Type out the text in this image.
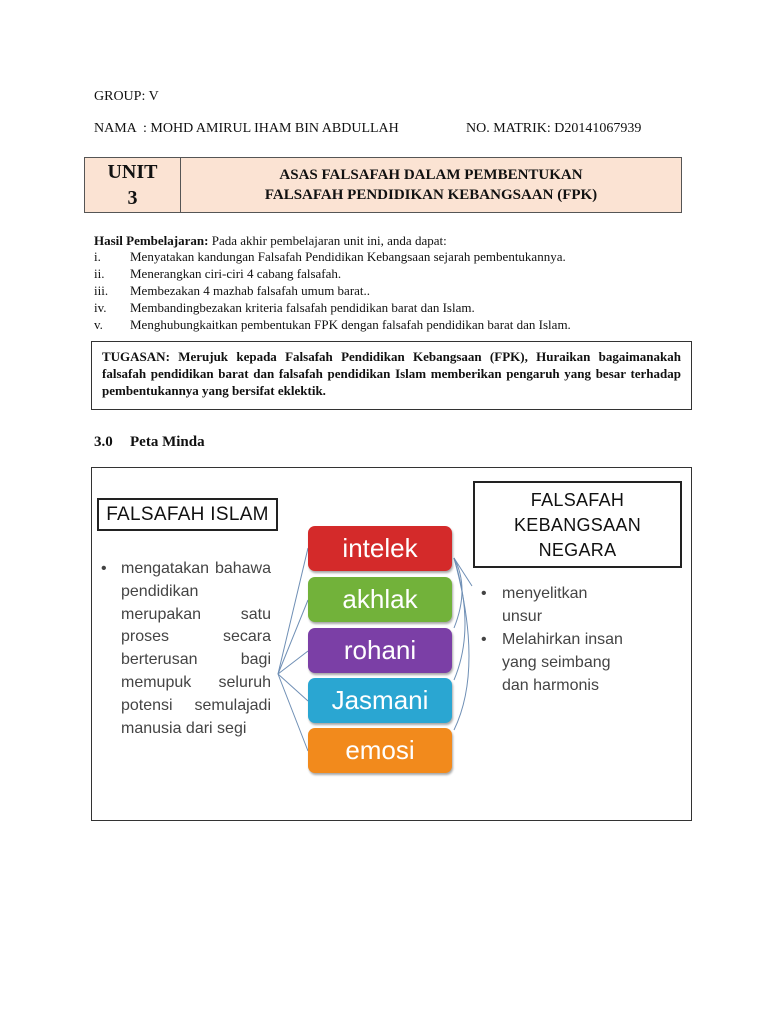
GROUP: V
NAMA  : MOHD AMIRUL IHAM BIN ABDULLAH	NO. MATRIK: D20141067939
UNIT
3
ASAS FALSAFAH DALAM PEMBENTUKAN
FALSAFAH PENDIDIKAN KEBANGSAAN (FPK)
Hasil Pembelajaran: Pada akhir pembelajaran unit ini, anda dapat:
i.	Menyatakan kandungan Falsafah Pendidikan Kebangsaan sejarah pembentukannya.
ii.	Menerangkan ciri-ciri 4 cabang falsafah.
iii.	Membezakan 4 mazhab falsafah umum barat..
iv.	Membandingbezakan kriteria falsafah pendidikan barat dan Islam.
v.	Menghubungkaitkan pembentukan FPK dengan falsafah pendidikan barat dan Islam.
TUGASAN: Merujuk kepada Falsafah Pendidikan Kebangsaan (FPK), Huraikan bagaimanakah falsafah pendidikan barat dan falsafah pendidikan Islam memberikan pengaruh yang besar terhadap pembentukannya yang bersifat eklektik.
3.0 Peta Minda
FALSAFAH ISLAM
• mengatakan bahawa pendidikan merupakan satu proses secara berterusan bagi memupuk seluruh potensi semulajadi manusia dari segi
FALSAFAH
KEBANGSAAN
NEGARA
• menyelitkan
unsur
• Melahirkan insan
yang seimbang
dan harmonis
intelek
akhlak
rohani
Jasmani
emosi
